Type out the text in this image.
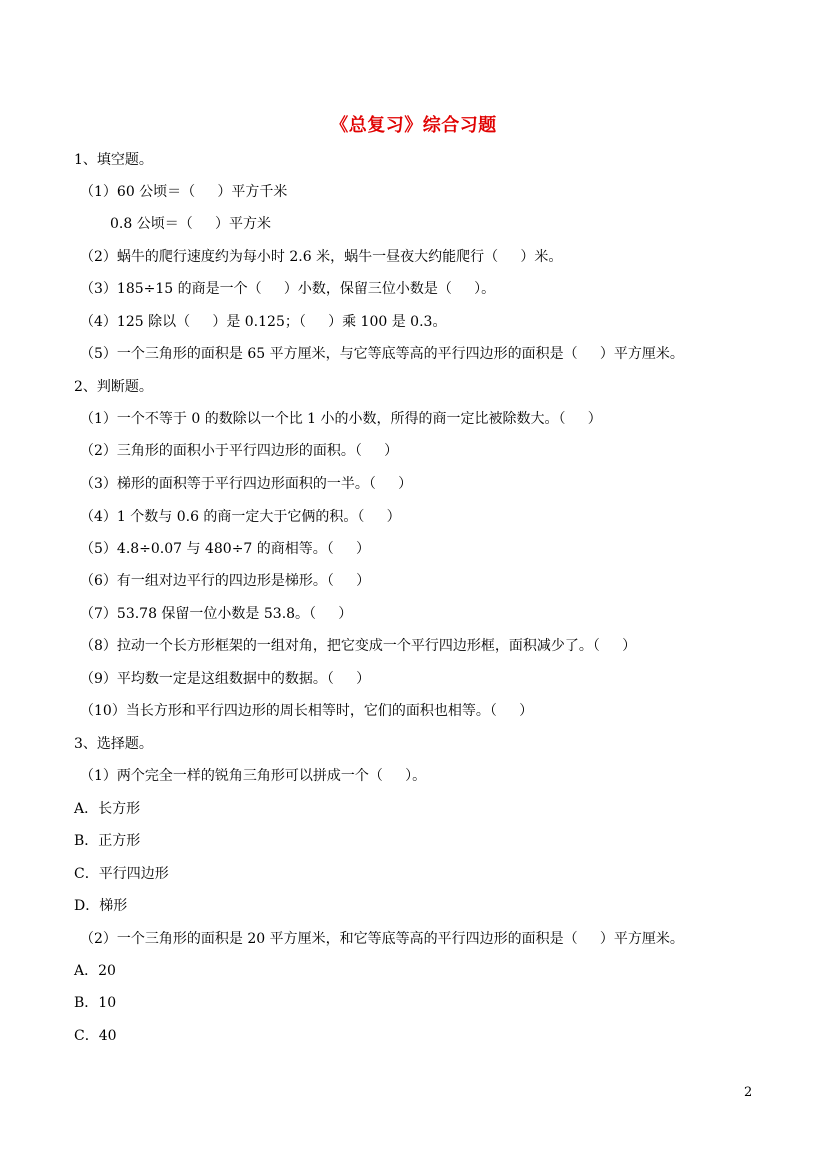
《总复习》综合习题
1、填空题。
（1）60 公顷＝（     ）平方千米
0.8 公顷＝（     ）平方米
（2）蜗牛的爬行速度约为每小时 2.6 米，蜗牛一昼夜大约能爬行（     ）米。
（3）185÷15 的商是一个（     ）小数，保留三位小数是（     ）。
（4）125 除以（     ）是 0.125；（     ）乘 100 是 0.3。
（5）一个三角形的面积是 65 平方厘米，与它等底等高的平行四边形的面积是（     ）平方厘米。
2、判断题。
（1）一个不等于 0 的数除以一个比 1 小的小数，所得的商一定比被除数大。（     ）
（2）三角形的面积小于平行四边形的面积。（     ）
（3）梯形的面积等于平行四边形面积的一半。（     ）
（4）1 个数与 0.6 的商一定大于它俩的积。（     ）
（5）4.8÷0.07 与 480÷7 的商相等。（     ）
（6）有一组对边平行的四边形是梯形。（     ）
（7）53.78 保留一位小数是 53.8。（     ）
（8）拉动一个长方形框架的一组对角，把它变成一个平行四边形框，面积减少了。（     ）
（9）平均数一定是这组数据中的数据。（     ）
（10）当长方形和平行四边形的周长相等时，它们的面积也相等。（     ）
3、选择题。
（1）两个完全一样的锐角三角形可以拼成一个（     ）。
A．长方形
B．正方形
C．平行四边形
D．梯形
（2）一个三角形的面积是 20 平方厘米，和它等底等高的平行四边形的面积是（     ）平方厘米。
A．20
B．10
C．40
2
